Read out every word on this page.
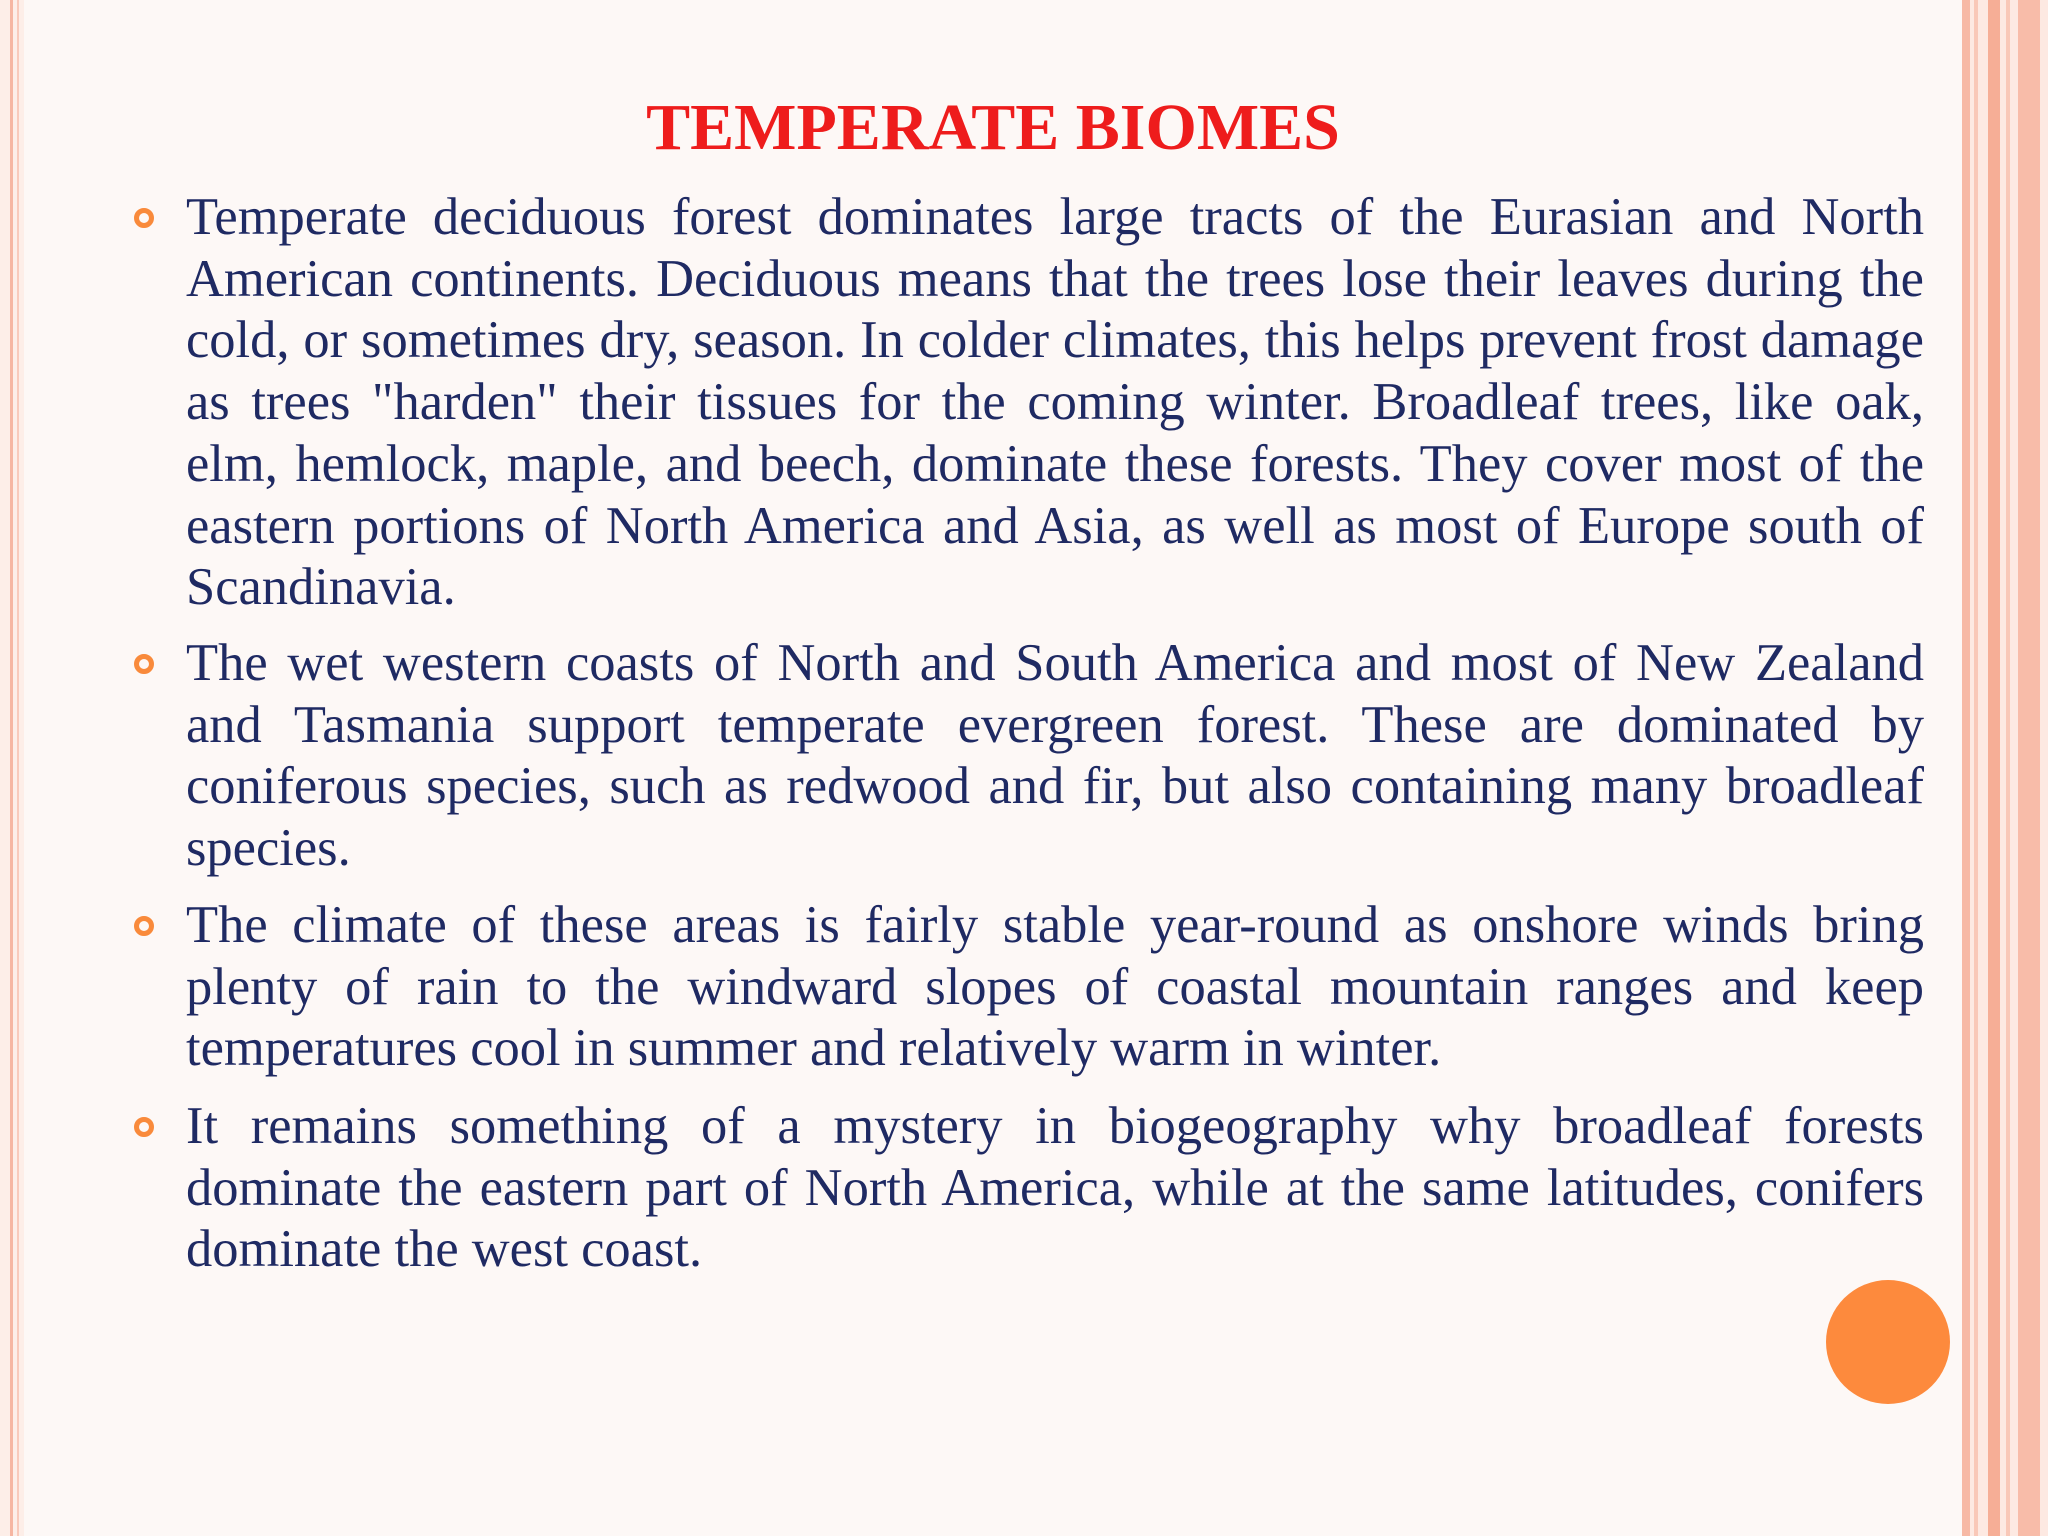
TEMPERATE BIOMES
Temperate deciduous forest dominates large tracts of the Eurasian and North American continents. Deciduous means that the trees lose their leaves during the cold, or sometimes dry, season. In colder climates, this helps prevent frost damage as trees "harden" their tissues for the coming winter. Broadleaf trees, like oak, elm, hemlock, maple, and beech, dominate these forests. They cover most of the eastern portions of North America and Asia, as well as most of Europe south of Scandinavia.
The wet western coasts of North and South America and most of New Zealand and Tasmania support temperate evergreen forest. These are dominated by coniferous species, such as redwood and fir, but also containing many broadleaf species.
The climate of these areas is fairly stable year-round as onshore winds bring plenty of rain to the windward slopes of coastal mountain ranges and keep temperatures cool in summer and relatively warm in winter.
It remains something of a mystery in biogeography why broadleaf forests dominate the eastern part of North America, while at the same latitudes, conifers dominate the west coast.
